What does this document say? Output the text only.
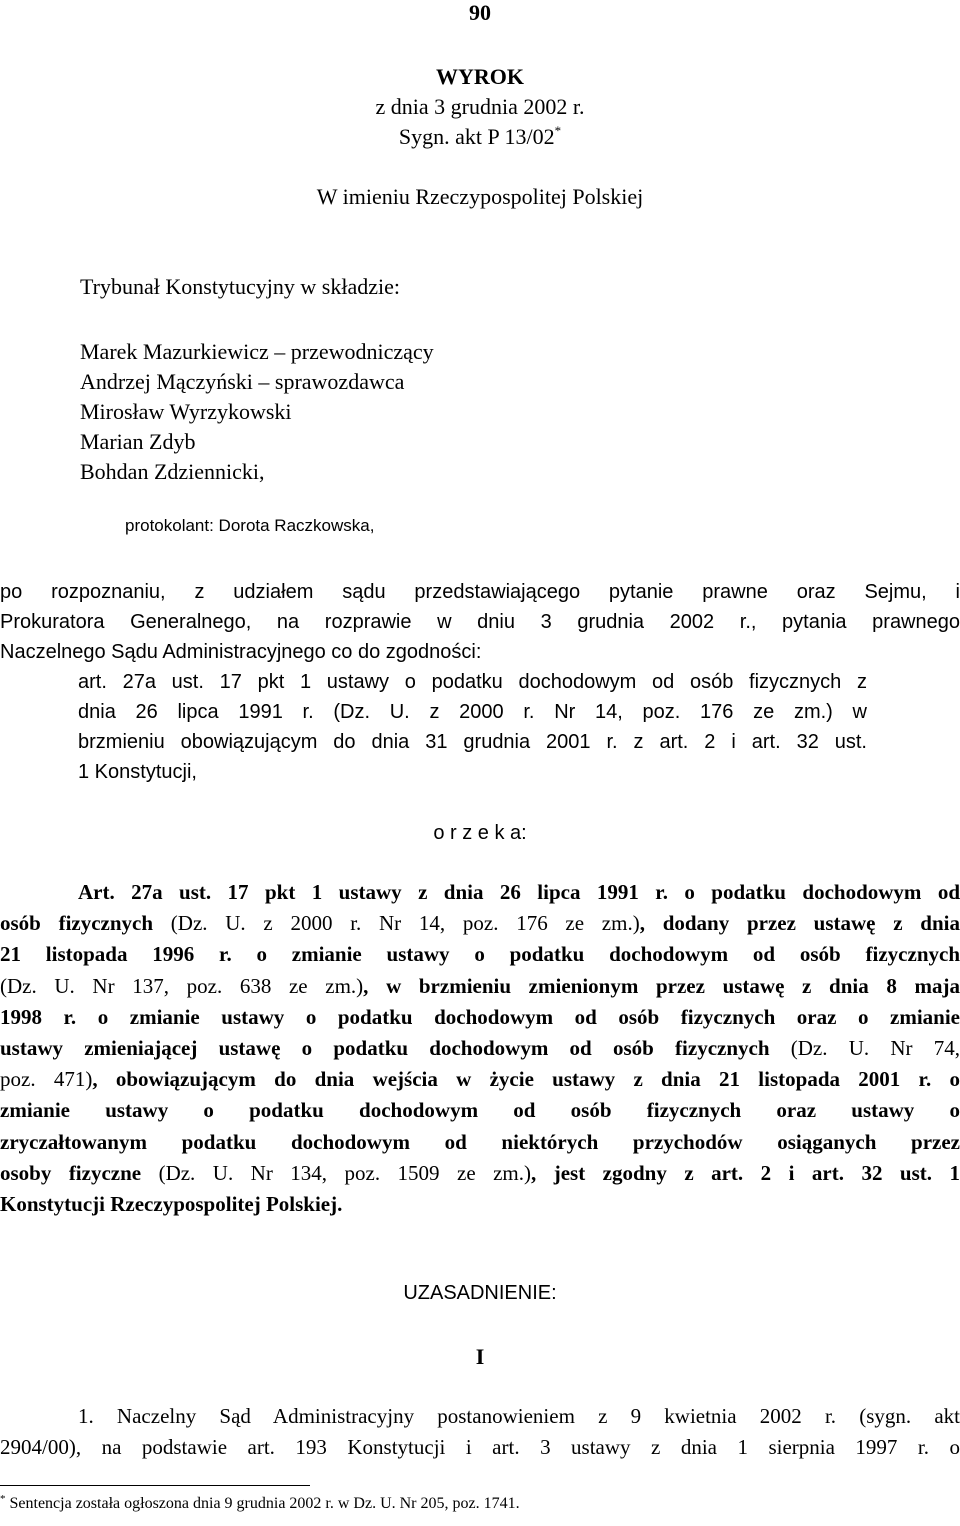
90
WYROK
z dnia 3 grudnia 2002 r.
Sygn. akt P 13/02*
W imieniu Rzeczypospolitej Polskiej
Trybunał Konstytucyjny w składzie:
Marek Mazurkiewicz – przewodniczący
Andrzej Mączyński – sprawozdawca
Mirosław Wyrzykowski
Marian Zdyb
Bohdan Zdziennicki,
protokolant: Dorota Raczkowska,
po rozpoznaniu, z udziałem sądu przedstawiającego pytanie prawne oraz Sejmu, i
Prokuratora Generalnego, na rozprawie w dniu 3 grudnia 2002 r., pytania prawnego
Naczelnego Sądu Administracyjnego co do zgodności:
art. 27a ust. 17 pkt 1 ustawy o podatku dochodowym od osób fizycznych z
dnia 26 lipca 1991 r. (Dz. U. z 2000 r. Nr 14, poz. 176 ze zm.) w
brzmieniu obowiązującym do dnia 31 grudnia 2001 r. z art. 2 i art. 32 ust.
1 Konstytucji,
o r z e k a:
Art. 27a ust. 17 pkt 1 ustawy z dnia 26 lipca 1991 r. o podatku dochodowym od
osób fizycznych (Dz. U. z 2000 r. Nr 14, poz. 176 ze zm.), dodany przez ustawę z dnia
21 listopada 1996 r. o zmianie ustawy o podatku dochodowym od osób fizycznych
(Dz. U. Nr 137, poz. 638 ze zm.), w brzmieniu zmienionym przez ustawę z dnia 8 maja
1998 r. o zmianie ustawy o podatku dochodowym od osób fizycznych oraz o zmianie
ustawy zmieniającej ustawę o podatku dochodowym od osób fizycznych (Dz. U. Nr 74,
poz. 471), obowiązującym do dnia wejścia w życie ustawy z dnia 21 listopada 2001 r. o
zmianie ustawy o podatku dochodowym od osób fizycznych oraz ustawy o
zryczałtowanym podatku dochodowym od niektórych przychodów osiąganych przez
osoby fizyczne (Dz. U. Nr 134, poz. 1509 ze zm.), jest zgodny z art. 2 i art. 32 ust. 1
Konstytucji Rzeczypospolitej Polskiej.
UZASADNIENIE:
I
1. Naczelny Sąd Administracyjny postanowieniem z 9 kwietnia 2002 r. (sygn. akt
2904/00), na podstawie art. 193 Konstytucji i art. 3 ustawy z dnia 1 sierpnia 1997 r. o
* Sentencja została ogłoszona dnia 9 grudnia 2002 r. w Dz. U. Nr 205, poz. 1741.
